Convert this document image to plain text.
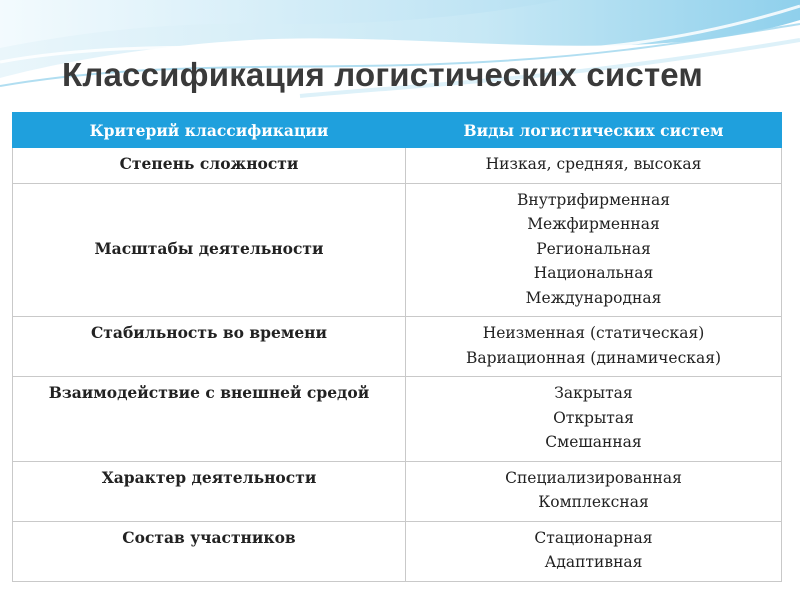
Классификация логистических систем
Критерий классификации	Виды логистических систем
Степень сложности	Низкая, средняя, высокая

Масштабы деятельности	Внутрифирменная
Межфирменная
Региональная
Национальная
Международная

Стабильность во времени	Неизменная (статическая)
Вариационная (динамическая)

Взаимодействие с внешней средой	Закрытая
Открытая
Смешанная

Характер деятельности	Специализированная
Комплексная

Состав участников	Стационарная
Адаптивная
